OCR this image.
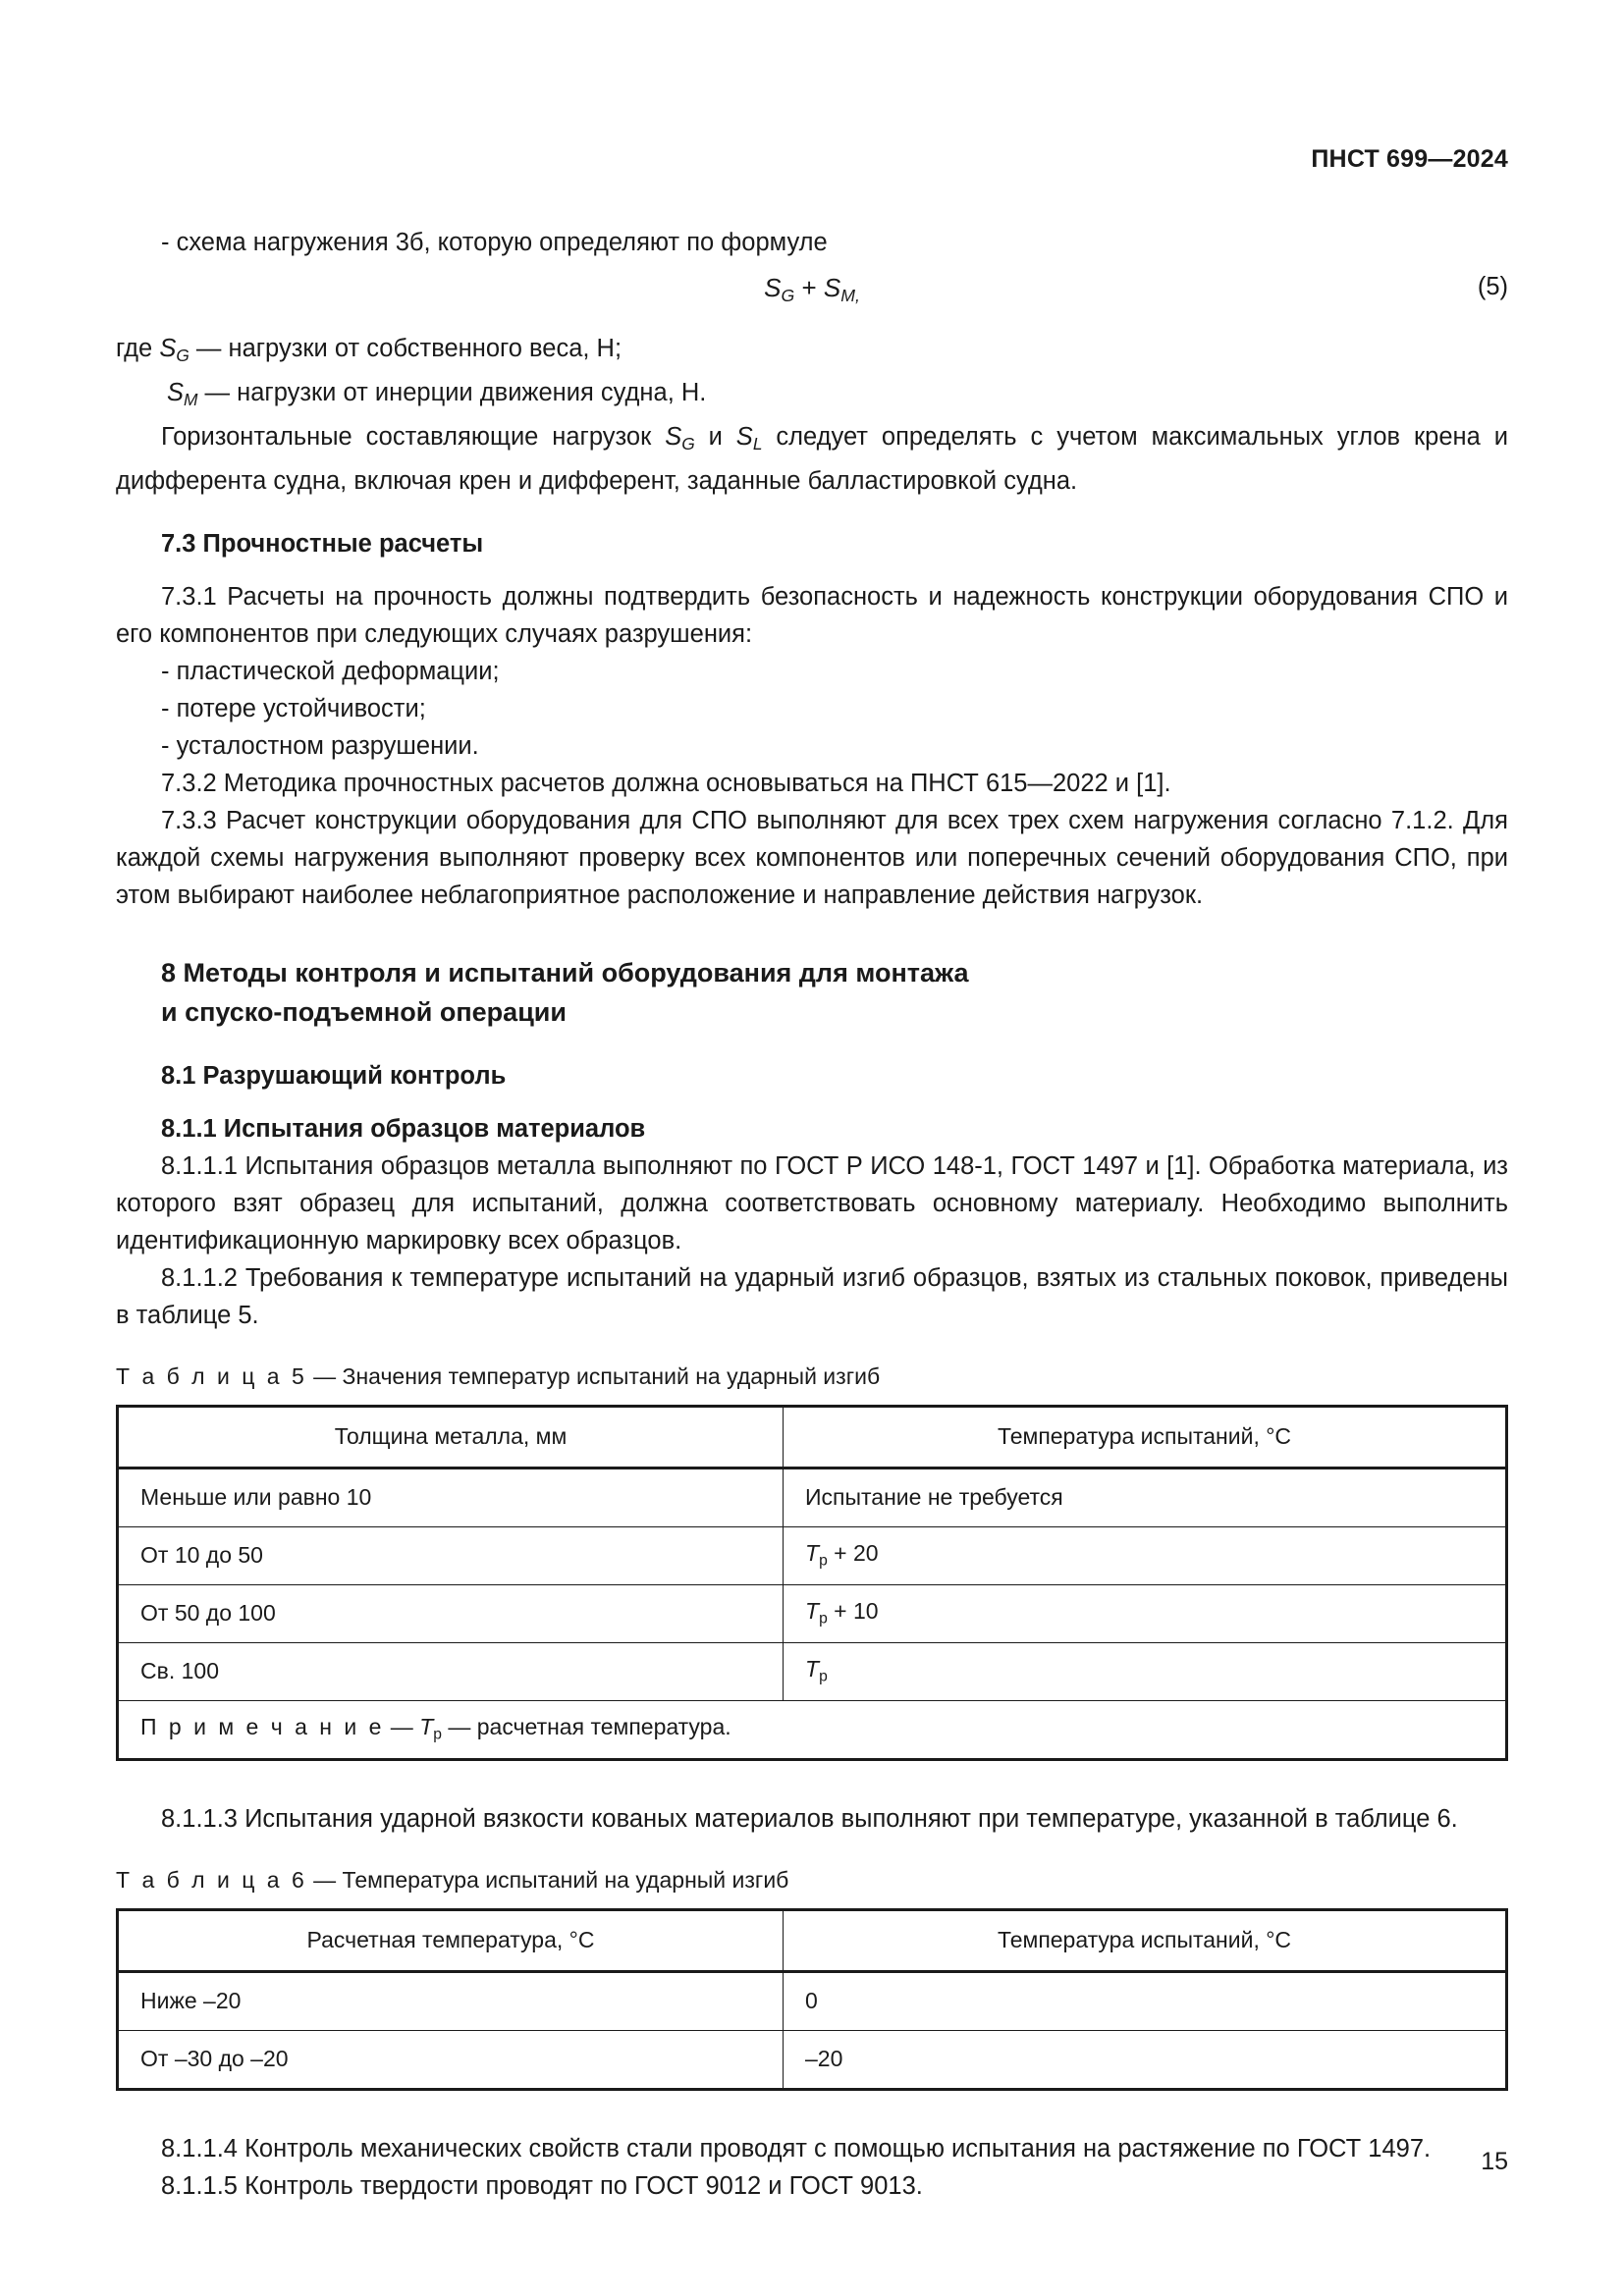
ПНСТ 699—2024

- схема нагружения 3б, которую определяют по формуле

$S_G + S_{M,}$	(5)

где $S_G$ — нагрузки от собственного веса, Н;

$S_M$ — нагрузки от инерции движения судна, Н.

Горизонтальные составляющие нагрузок $S_G$ и $S_L$ следует определять с учетом максимальных углов крена и дифферента судна, включая крен и дифферент, заданные балластировкой судна.

7.3 Прочностные расчеты

7.3.1 Расчеты на прочность должны подтвердить безопасность и надежность конструкции оборудования СПО и его компонентов при следующих случаях разрушения:

- пластической деформации;

- потере устойчивости;

- усталостном разрушении.

7.3.2 Методика прочностных расчетов должна основываться на ПНСТ 615—2022 и [1].

7.3.3 Расчет конструкции оборудования для СПО выполняют для всех трех схем нагружения согласно 7.1.2. Для каждой схемы нагружения выполняют проверку всех компонентов или поперечных сечений оборудования СПО, при этом выбирают наиболее неблагоприятное расположение и направление действия нагрузок.

8 Методы контроля и испытаний оборудования для монтажа
и спуско-подъемной операции
8.1 Разрушающий контроль
8.1.1 Испытания образцов материалов

8.1.1.1 Испытания образцов металла выполняют по ГОСТ Р ИСО 148-1, ГОСТ 1497 и [1]. Обработка материала, из которого взят образец для испытаний, должна соответствовать основному материалу. Необходимо выполнить идентификационную маркировку всех образцов.

8.1.1.2 Требования к температуре испытаний на ударный изгиб образцов, взятых из стальных поковок, приведены в таблице 5.

Т а б л и ц а 5 — Значения температур испытаний на ударный изгиб
Толщина металла, мм	Температура испытаний, °С
Меньше или равно 10	Испытание не требуется
От 10 до 50	$T_р + 20$
От 50 до 100	$T_р + 10$
Св. 100	$T_р$
П р и м е ч а н и е — $T_р$ — расчетная температура.	

8.1.1.3 Испытания ударной вязкости кованых материалов выполняют при температуре, указанной в таблице 6.

Т а б л и ц а 6 — Температура испытаний на ударный изгиб
Расчетная температура, °С	Температура испытаний, °С
Ниже –20	0
От –30 до –20	–20

8.1.1.4 Контроль механических свойств стали проводят с помощью испытания на растяжение по ГОСТ 1497.

8.1.1.5 Контроль твердости проводят по ГОСТ 9012 и ГОСТ 9013.

15
